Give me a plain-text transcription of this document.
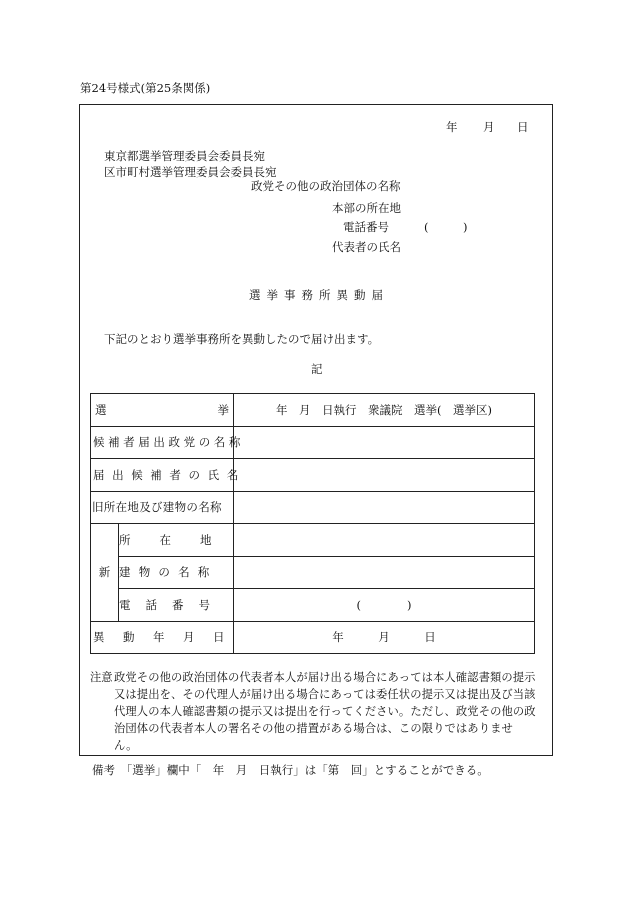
第24号様式(第25条関係)
年 月 日
東京都選挙管理委員会委員長宛
区市町村選挙管理委員会委員長宛
政党その他の政治団体の名称
本部の所在地
電話番号	(　　　)
代表者の氏名
選挙事務所異動届
下記のとおり選挙事務所を異動したので届け出ます。
記
選 挙		年　月　日執行　衆議院　選挙(　選挙区)

候補者届出政党の名称		

届出候補者の氏名		

旧所在地及び建物の名称		

新	所在地	

	建物の名称	

	電話番号	(　　　　)

異動年月日		年　　　月　　　日
注意 政党その他の政治団体の代表者本人が届け出る場合にあっては本人確認書類の提示又は提出を、その代理人が届け出る場合にあっては委任状の提示又は提出及び当該代理人の本人確認書類の提示又は提出を行ってください。ただし、政党その他の政治団体の代表者本人の署名その他の措置がある場合は、この限りではありません。
備考　「選挙」欄中「　年　月　日執行」は「第　回」とすることができる。
